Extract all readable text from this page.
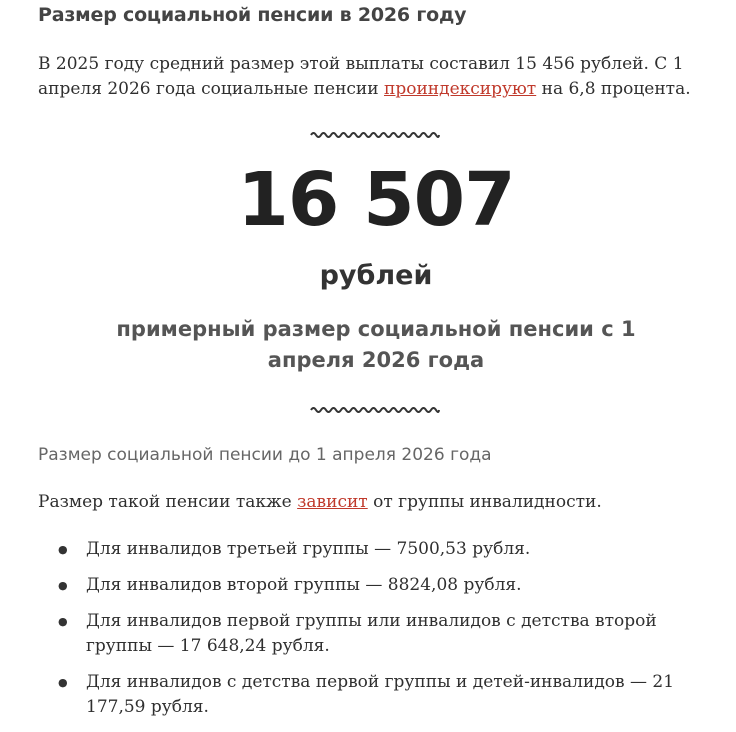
Размер социальной пенсии в 2026 году

В 2025 году средний размер этой выплаты составил 15 456 рублей. С 1 апреля 2026 года социальные пенсии проиндексируют на 6,8 процента.

16 507
рублей
примерный размер социальной пенсии с 1 апреля 2026 года
Размер социальной пенсии до 1 апреля 2026 года

Размер такой пенсии также зависит от группы инвалидности.

● Для инвалидов третьей группы — 7500,53 рубля.
● Для инвалидов второй группы — 8824,08 рубля.
● Для инвалидов первой группы или инвалидов с детства второй группы — 17 648,24 рубля.
● Для инвалидов с детства первой группы и детей-инвалидов — 21 177,59 рубля.
